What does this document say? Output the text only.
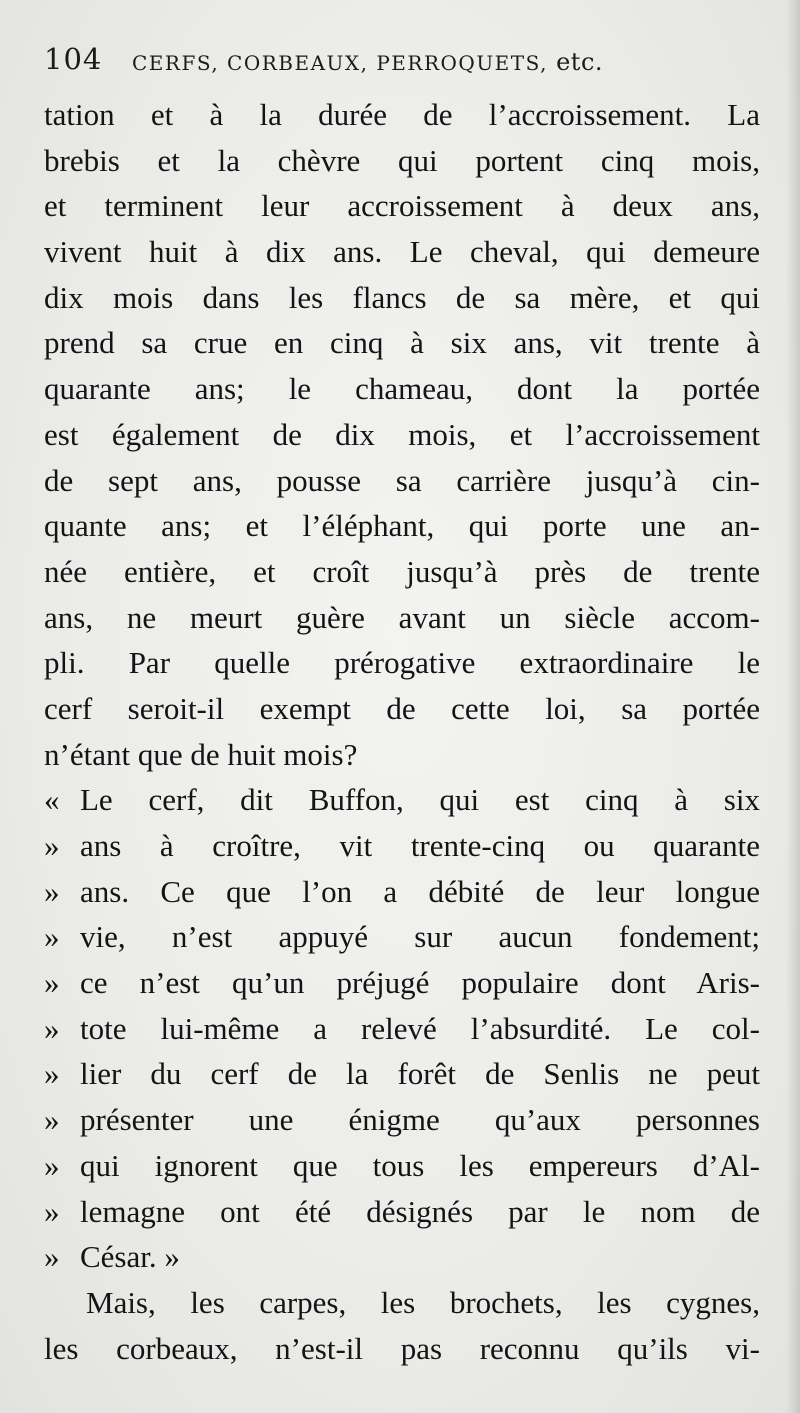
104 CERFS, CORBEAUX, PERROQUETS, etc.
tation et à la durée de l’accroissement. La
brebis et la chèvre qui portent cinq mois,
et terminent leur accroissement à deux ans,
vivent huit à dix ans. Le cheval, qui demeure
dix mois dans les flancs de sa mère, et qui
prend sa crue en cinq à six ans, vit trente à
quarante ans; le chameau, dont la portée
est également de dix mois, et l’accroissement
de sept ans, pousse sa carrière jusqu’à cin-
quante ans; et l’éléphant, qui porte une an-
née entière, et croît jusqu’à près de trente
ans, ne meurt guère avant un siècle accom-
pli. Par quelle prérogative extraordinaire le
cerf seroit-il exempt de cette loi, sa portée
n’étant que de huit mois?
« Le cerf, dit Buffon, qui est cinq à six
» ans à croître, vit trente-cinq ou quarante
» ans. Ce que l’on a débité de leur longue
» vie, n’est appuyé sur aucun fondement;
» ce n’est qu’un préjugé populaire dont Aris-
» tote lui-même a relevé l’absurdité. Le col-
» lier du cerf de la forêt de Senlis ne peut
» présenter une énigme qu’aux personnes
» qui ignorent que tous les empereurs d’Al-
» lemagne ont été désignés par le nom de
» César. »
Mais, les carpes, les brochets, les cygnes,
les corbeaux, n’est-il pas reconnu qu’ils vi-
